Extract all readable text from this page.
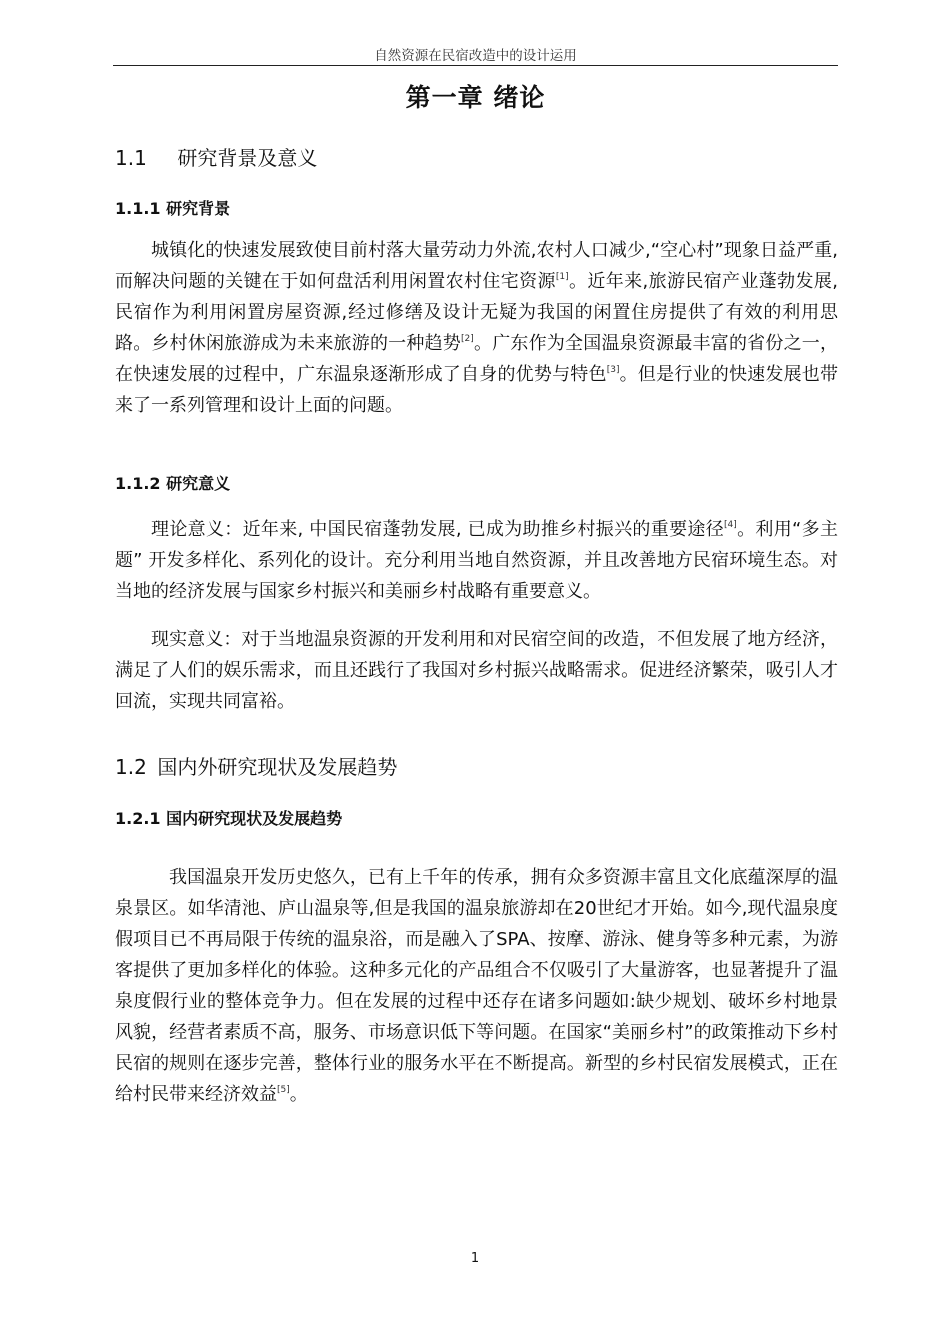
自然资源在民宿改造中的设计运用
第一章 绪论
1.1 研究背景及意义
1.1.1 研究背景

城镇化的快速发展致使目前村落大量劳动力外流,农村人口减少,“空心村”现象日益严重,而解决问题的关键在于如何盘活利用闲置农村住宅资源[1]。近年来,旅游民宿产业蓬勃发展,民宿作为利用闲置房屋资源,经过修缮及设计无疑为我国的闲置住房提供了有效的利用思路。乡村休闲旅游成为未来旅游的一种趋势[2]。广东作为全国温泉资源最丰富的省份之一，在快速发展的过程中，广东温泉逐渐形成了自身的优势与特色[3]。但是行业的快速发展也带来了一系列管理和设计上面的问题。

1.1.2 研究意义

理论意义：近年来, 中国民宿蓬勃发展, 已成为助推乡村振兴的重要途径[4]。利用“多主题” 开发多样化、系列化的设计。充分利用当地自然资源，并且改善地方民宿环境生态。对当地的经济发展与国家乡村振兴和美丽乡村战略有重要意义。

现实意义：对于当地温泉资源的开发利用和对民宿空间的改造，不但发展了地方经济，满足了人们的娱乐需求，而且还践行了我国对乡村振兴战略需求。促进经济繁荣，吸引人才回流，实现共同富裕。

1.2 国内外研究现状及发展趋势
1.2.1 国内研究现状及发展趋势

我国温泉开发历史悠久，已有上千年的传承，拥有众多资源丰富且文化底蕴深厚的温泉景区。如华清池、庐山温泉等,但是我国的温泉旅游却在20世纪才开始。如今,现代温泉度假项目已不再局限于传统的温泉浴，而是融入了SPA、按摩、游泳、健身等多种元素，为游客提供了更加多样化的体验。这种多元化的产品组合不仅吸引了大量游客，也显著提升了温泉度假行业的整体竞争力。但在发展的过程中还存在诸多问题如:缺少规划、破坏乡村地景风貌，经营者素质不高，服务、市场意识低下等问题。在国家“美丽乡村”的政策推动下乡村民宿的规则在逐步完善，整体行业的服务水平在不断提高。新型的乡村民宿发展模式，正在给村民带来经济效益[5]。

1
